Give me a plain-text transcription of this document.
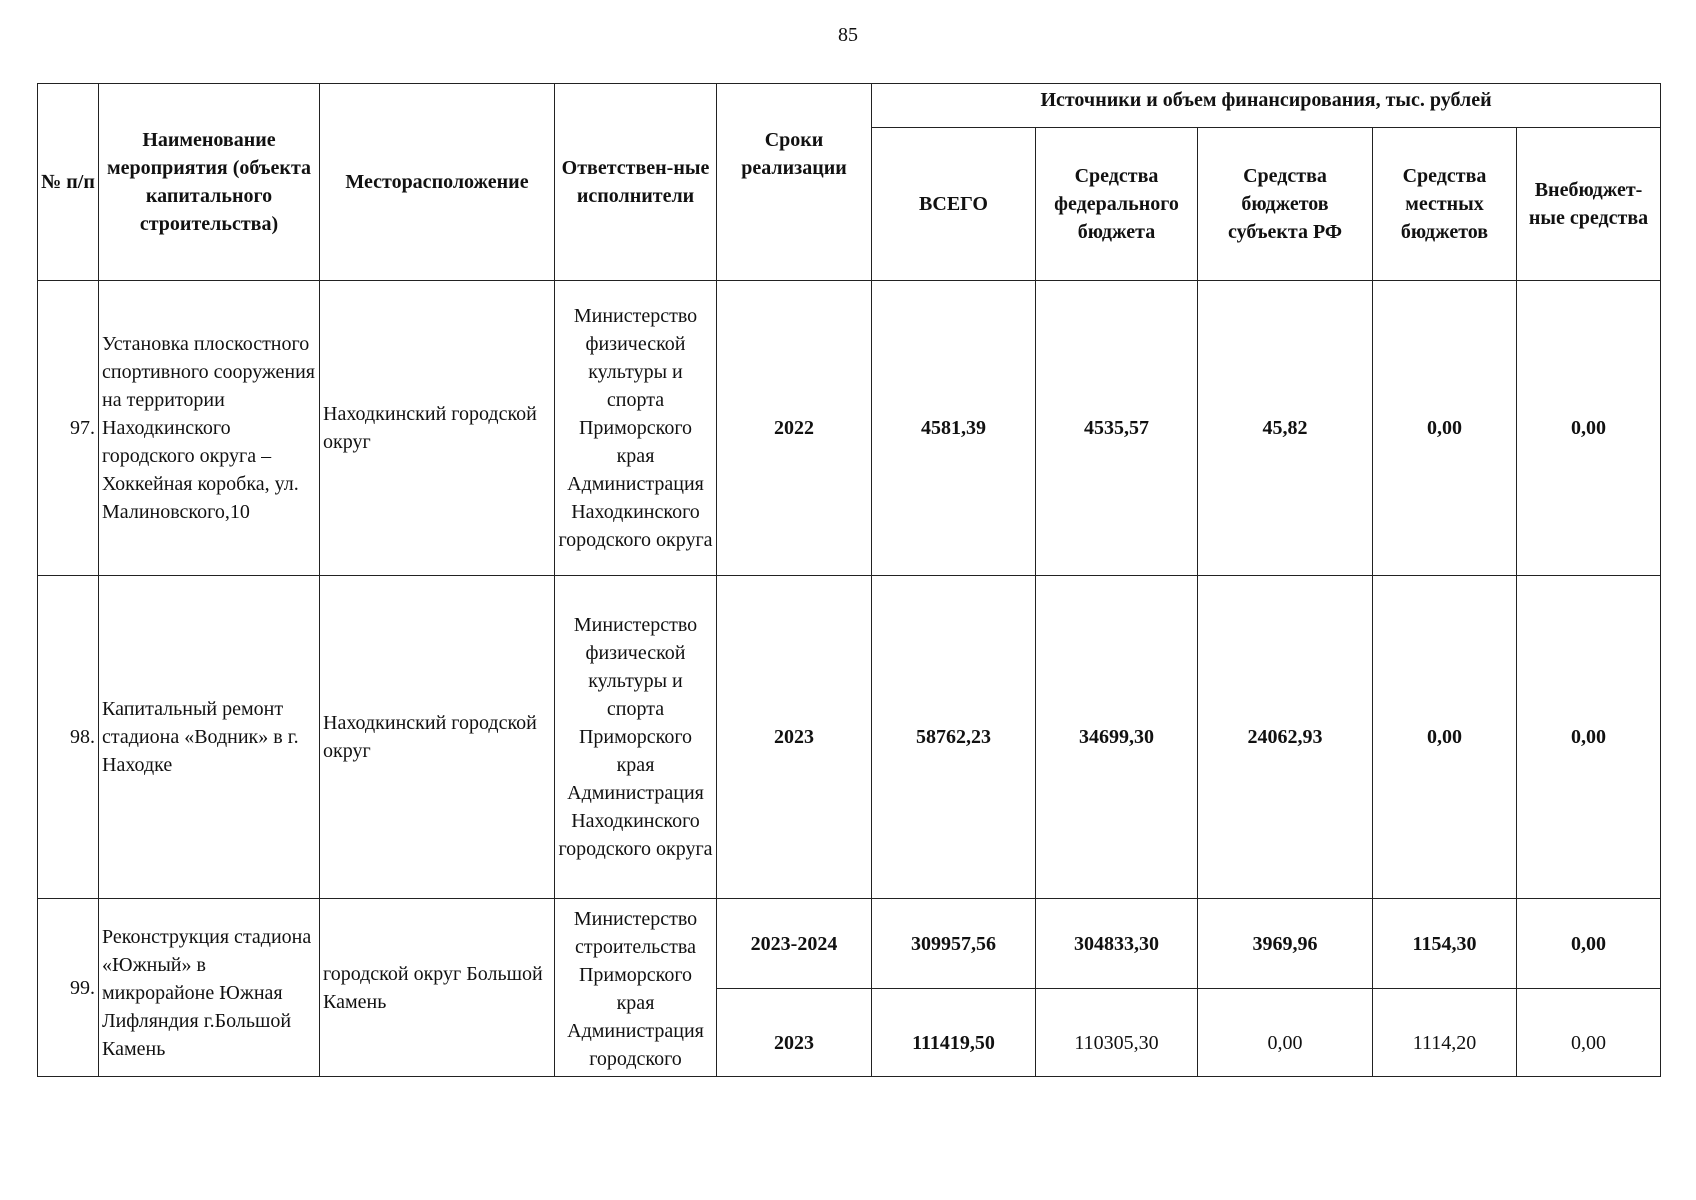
85
№ п/п	Наименование мероприятия (объекта капитального строительства)	Месторасположение	Ответствен-ные исполнители	Сроки реализации	Источники и объем финансирования, тыс. рублей				
					ВСЕГО	Средства федерального бюджета	Средства бюджетов субъекта РФ	Средства местных бюджетов	Внебюджет-ные средства
97.	Установка плоскостного спортивного сооружения на территории Находкинского городского округа – Хоккейная коробка, ул. Малиновского,10	Находкинский городской округ	Министерство физической культуры и спорта Приморского края Администрация Находкинского городского округа	2022	4581,39	4535,57	45,82	0,00	0,00
98.	Капитальный ремонт стадиона «Водник» в г. Находке	Находкинский городской округ	Министерство физической культуры и спорта Приморского края Администрация Находкинского городского округа	2023	58762,23	34699,30	24062,93	0,00	0,00
99.	Реконструкция стадиона «Южный» в микрорайоне Южная Лифляндия г.Большой Камень	городской округ Большой Камень	Министерство строительства Приморского края Администрация городского	2023-2024	309957,56	304833,30	3969,96	1154,30	0,00
				2023	111419,50	110305,30	0,00	1114,20	0,00
